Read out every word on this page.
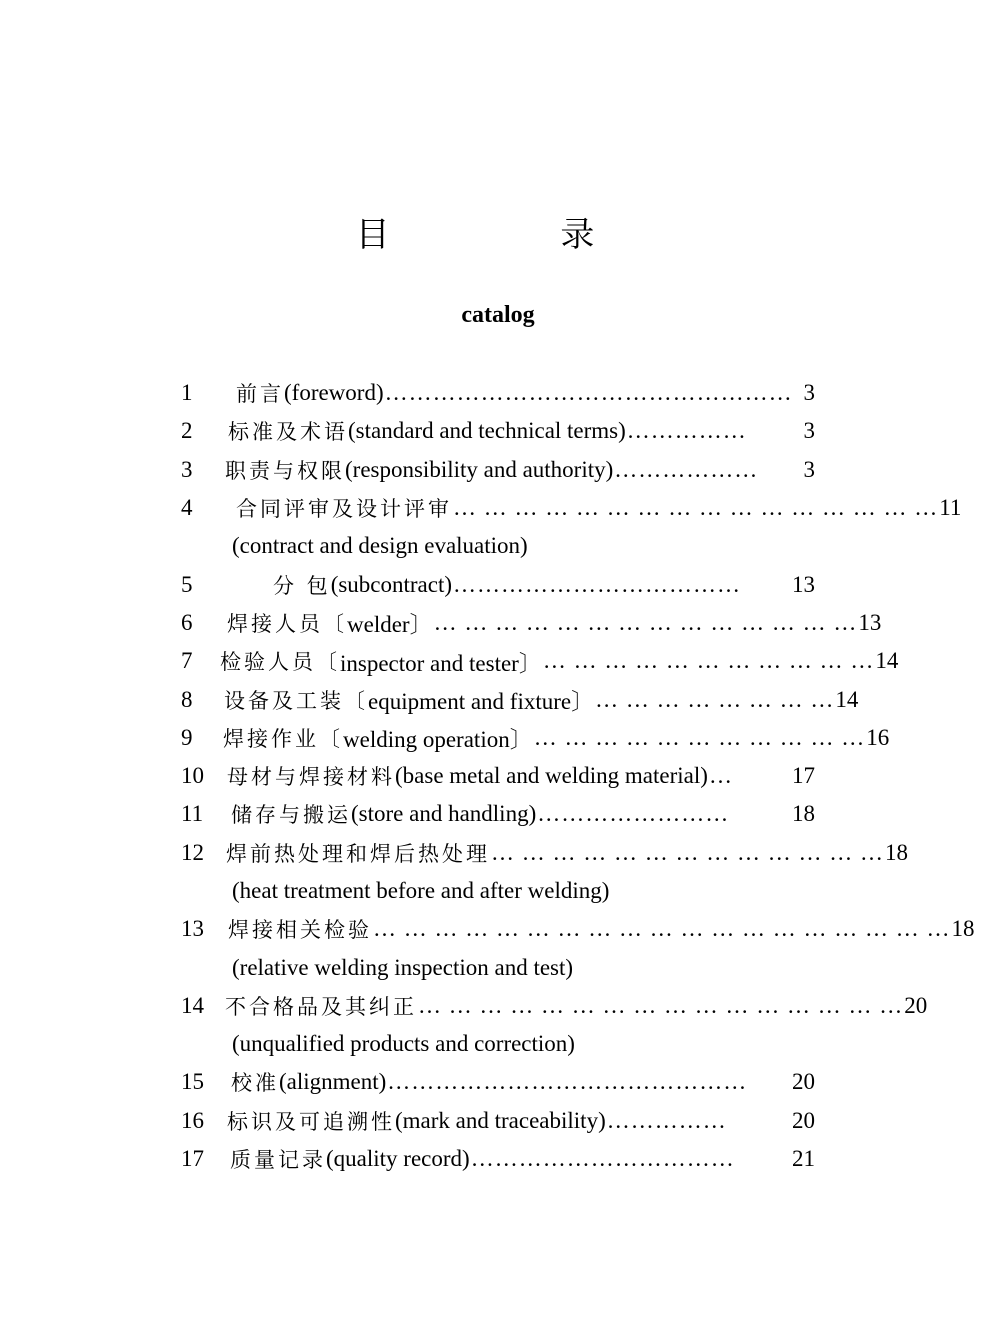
目 录
catalog
1	前言 (foreword) …………………………………………… 3
2	标准及术语 (standard and technical terms) ……………	3
3	职责与权限 (responsibility and authority) ………………	3
4	合同评审及设计评审 … … … … … … … … … … … … … … … … 11
(contract and design evaluation)
5	分 包 (subcontract) ………………………………	13
6	焊接人员〔 welder〕 … … … … … … … … … … … … … … 13
7	检验人员〔 inspector and tester〕 … … … … … … … … … … … 14
8	设备及工装〔 equipment and fixture〕 … … … … … … … … 14
9	焊接作业〔 welding operation〕 … … … … … … … … … … … 16
10	母材与焊接材料 (base metal and welding material) …	17
11	储存与搬运 (store and handling) ……………………	18
12	焊前热处理和焊后热处理 … … … … … … … … … … … … … 18
(heat treatment before and after welding)
13	焊接相关检验 … … … … … … … … … … … … … … … … … … … 18
(relative welding inspection and test)
14	不合格品及其纠正 … … … … … … … … … … … … … … … … 20
(unqualified products and correction)
15	校准 (alignment) ………………………………………	20
16	标识及可追溯性 (mark and traceability) ……………	20
17	质量记录 (quality record) ……………………………	21
